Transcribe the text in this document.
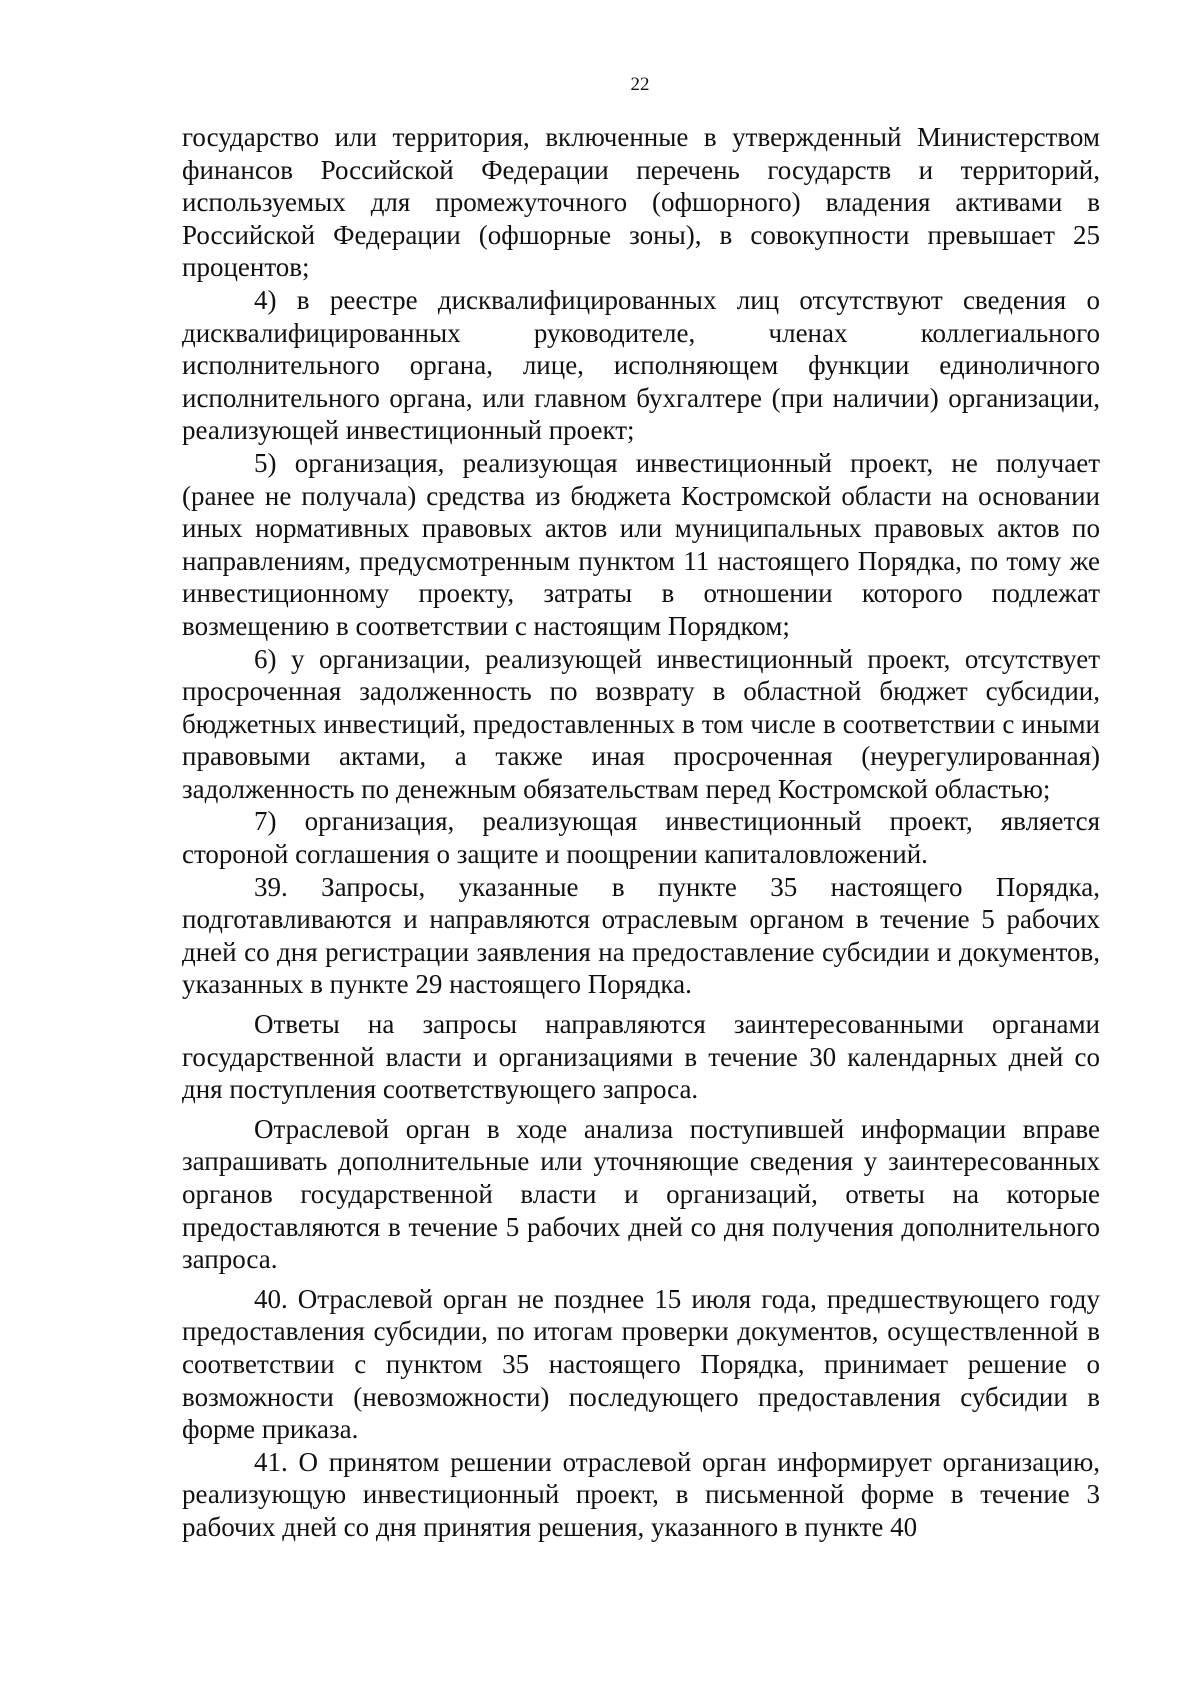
22

государство или территория, включенные в утвержденный Министерством финансов Российской Федерации перечень государств и территорий, используемых для промежуточного (офшорного) владения активами в Российской Федерации (офшорные зоны), в совокупности превышает 25 процентов;

4) в реестре дисквалифицированных лиц отсутствуют сведения о дисквалифицированных руководителе, членах коллегиального исполнительного органа, лице, исполняющем функции единоличного исполнительного органа, или главном бухгалтере (при наличии) организации, реализующей инвестиционный проект;

5) организация, реализующая инвестиционный проект, не получает (ранее не получала) средства из бюджета Костромской области на основании иных нормативных правовых актов или муниципальных правовых актов по направлениям, предусмотренным пунктом 11 настоящего Порядка, по тому же инвестиционному проекту, затраты в отношении которого подлежат возмещению в соответствии с настоящим Порядком;

6) у организации, реализующей инвестиционный проект, отсутствует просроченная задолженность по возврату в областной бюджет субсидии, бюджетных инвестиций, предоставленных в том числе в соответствии с иными правовыми актами, а также иная просроченная (неурегулированная) задолженность по денежным обязательствам перед Костромской областью;

7) организация, реализующая инвестиционный проект, является стороной соглашения о защите и поощрении капиталовложений.

39. Запросы, указанные в пункте 35 настоящего Порядка, подготавливаются и направляются отраслевым органом в течение 5 рабочих дней со дня регистрации заявления на предоставление субсидии и документов, указанных в пункте 29 настоящего Порядка.

Ответы на запросы направляются заинтересованными органами государственной власти и организациями в течение 30 календарных дней со дня поступления соответствующего запроса.

Отраслевой орган в ходе анализа поступившей информации вправе запрашивать дополнительные или уточняющие сведения у заинтересованных органов государственной власти и организаций, ответы на которые предоставляются в течение 5 рабочих дней со дня получения дополнительного запроса.

40. Отраслевой орган не позднее 15 июля года, предшествующего году предоставления субсидии, по итогам проверки документов, осуществленной в соответствии с пунктом 35 настоящего Порядка, принимает решение о возможности (невозможности) последующего предоставления субсидии в форме приказа.

41. О принятом решении отраслевой орган информирует организацию, реализующую инвестиционный проект, в письменной форме в течение 3 рабочих дней со дня принятия решения, указанного в пункте 40
